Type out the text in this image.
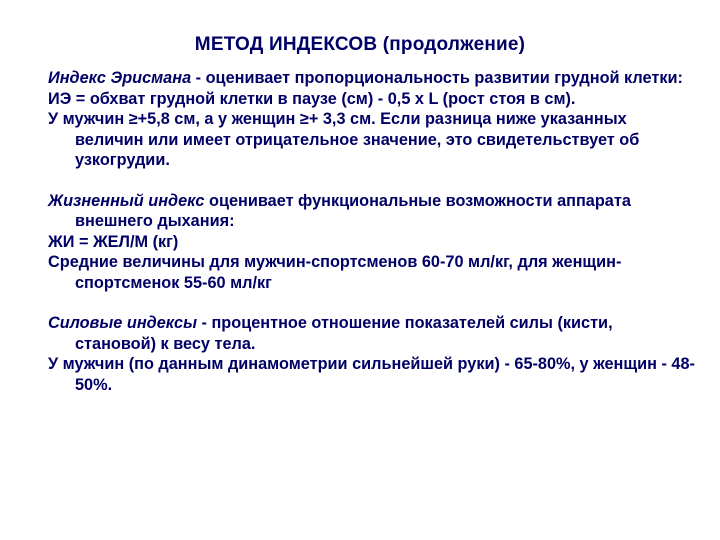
МЕТОД ИНДЕКСОВ (продолжение)

Индекс Эрисмана - оценивает пропорциональность развитии грудной клетки:

ИЭ = обхват грудной клетки в паузе (см) - 0,5 x L (рост стоя в см).

У мужчин ≥+5,8 см, а у женщин ≥+ 3,3 см. Если разница ниже указанных величин или имеет отрицательное значение, это свидетельствует об узкогрудии.

Жизненный индекс оценивает функциональные возможности аппарата внешнего дыхания:

ЖИ = ЖЕЛ/М (кг)

Средние величины для мужчин-спортсменов 60-70 мл/кг, для женщин-спортсменок 55-60 мл/кг

Силовые индексы - процентное отношение показателей силы (кисти, становой) к весу тела.

У мужчин (по данным динамометрии сильнейшей руки) - 65-80%, у женщин - 48-50%.
